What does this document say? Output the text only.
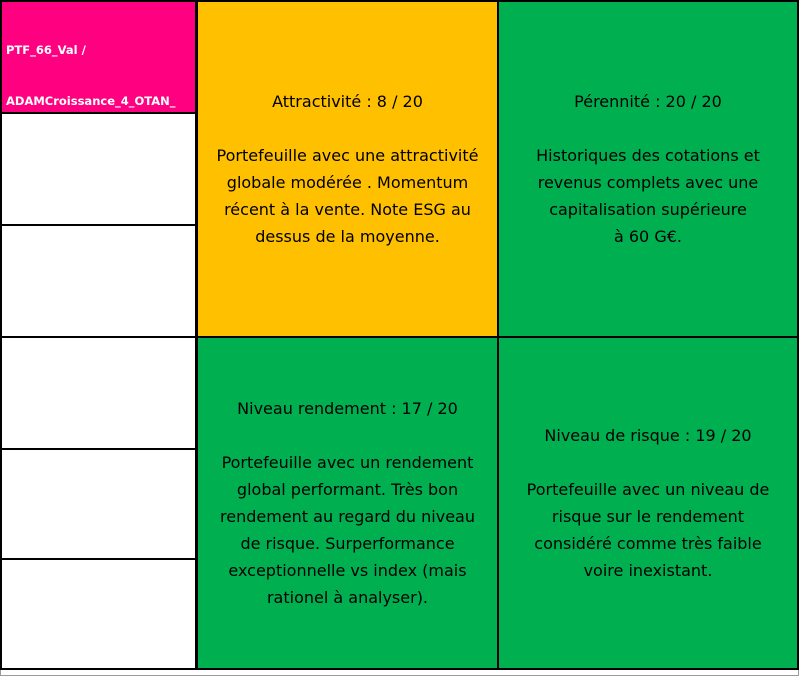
PTF_66_Val /

ADAMCroissance_4_OTAN_

	Attractivité : 8 / 20
Portefeuille avec une attractivité
globale modérée . Momentum
récent à la vente. Note ESG au
dessus de la moyenne.
Pérennité : 20 / 20
Historiques des cotations et
revenus complets avec une
capitalisation supérieure
à 60 G€.
Niveau rendement : 17 / 20
Portefeuille avec un rendement
global performant. Très bon
rendement au regard du niveau
de risque. Surperformance
exceptionnelle vs index (mais
rationel à analyser).
Niveau de risque : 19 / 20
Portefeuille avec un niveau de
risque sur le rendement
considéré comme très faible
voire inexistant.
